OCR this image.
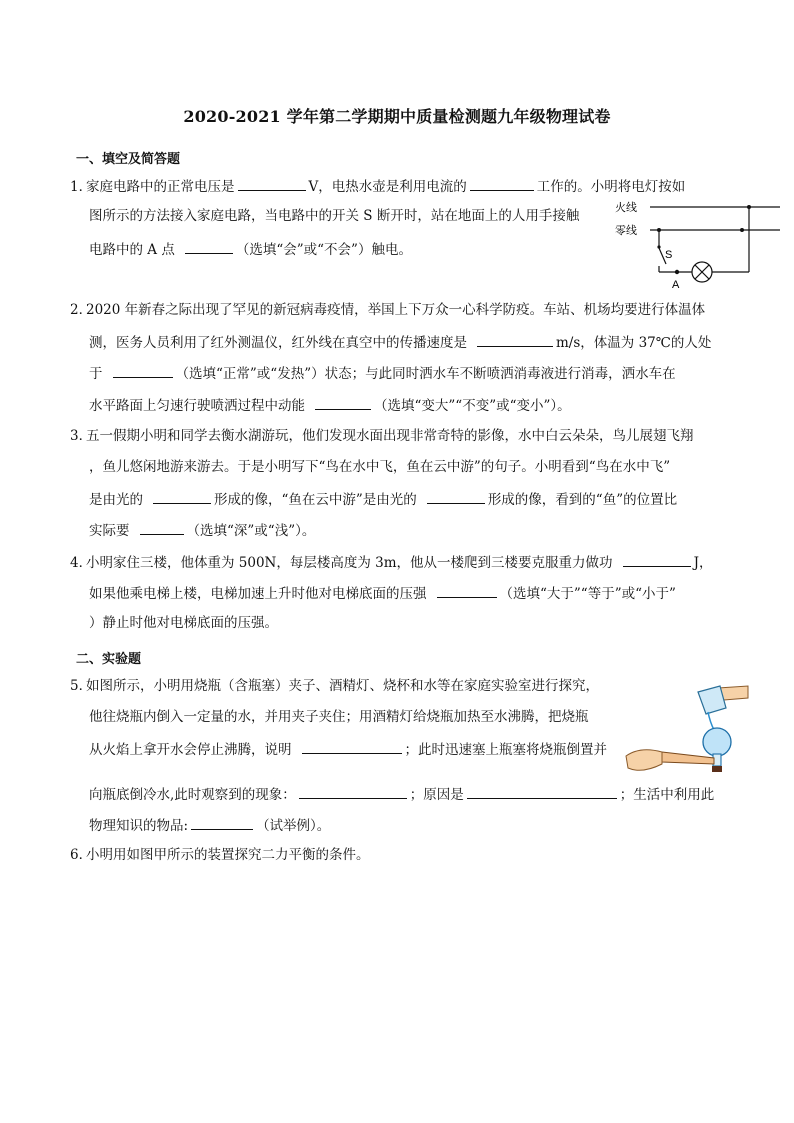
2020-2021 学年第二学期期中质量检测题九年级物理试卷
一、填空及简答题
1．家庭电路中的正常电压是	V，电热水壶是利用电流的	工作的。小明将电灯按如
图所示的方法接入家庭电路，当电路中的开关 S 断开时，站在地面上的人用手接触
电路中的 A 点	（选填“会”或“不会”）触电。
火线
零线
S
A
2．2020 年新春之际出现了罕见的新冠病毒疫情，举国上下万众一心科学防疫。车站、机场均要进行体温体
测，医务人员利用了红外测温仪，红外线在真空中的传播速度是	m/s，体温为 37℃的人处
于	（选填“正常”或“发热”）状态；与此同时洒水车不断喷洒消毒液进行消毒，洒水车在
水平路面上匀速行驶喷洒过程中动能	（选填“变大”“不变”或“变小”）。
3．五一假期小明和同学去衡水湖游玩，他们发现水面出现非常奇特的影像，水中白云朵朵，鸟儿展翅飞翔
，鱼儿悠闲地游来游去。于是小明写下“鸟在水中飞，鱼在云中游”的句子。小明看到“鸟在水中飞”
是由光的	形成的像，“鱼在云中游”是由光的	形成的像，看到的“鱼”的位置比
实际要	（选填“深”或“浅”）。
4．小明家住三楼，他体重为 500N，每层楼高度为 3m，他从一楼爬到三楼要克服重力做功	J，
如果他乘电梯上楼，电梯加速上升时他对电梯底面的压强	（选填“大于”“等于”或“小于”
）静止时他对电梯底面的压强。
二、实验题
5．如图所示，小明用烧瓶（含瓶塞）夹子、酒精灯、烧杯和水等在家庭实验室进行探究，
他往烧瓶内倒入一定量的水，并用夹子夹住；用酒精灯给烧瓶加热至水沸腾，把烧瓶
从火焰上拿开水会停止沸腾，说明	；此时迅速塞上瓶塞将烧瓶倒置并
向瓶底倒冷水,此时观察到的现象：	；原因是	；生活中利用此
物理知识的物品:	（试举例）。
6．小明用如图甲所示的装置探究二力平衡的条件。
